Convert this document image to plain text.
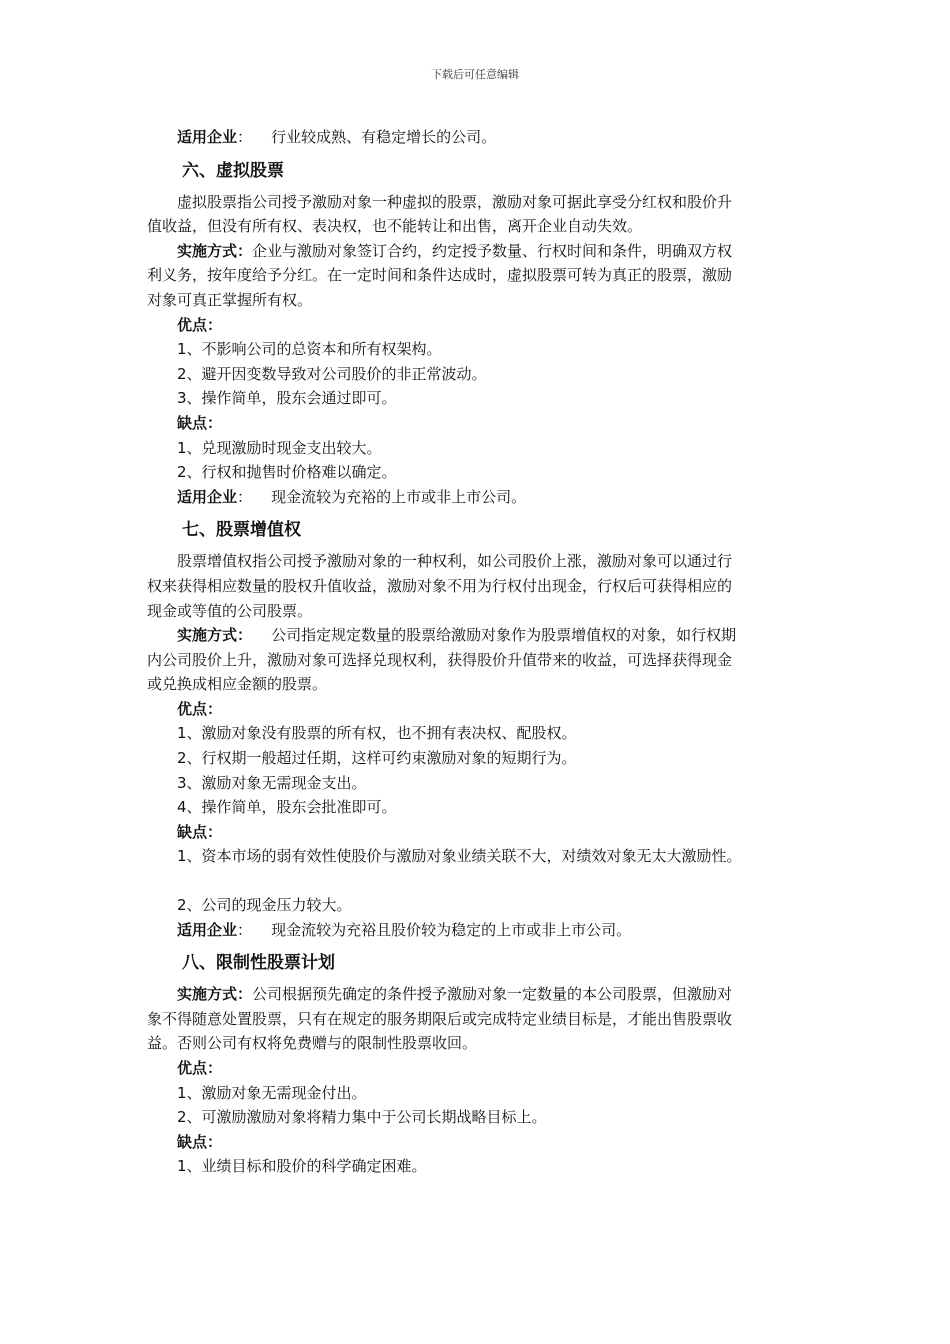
下载后可任意编辑

适用企业： 行业较成熟、有稳定增长的公司。

六、虚拟股票

虚拟股票指公司授予激励对象一种虚拟的股票，激励对象可据此享受分红权和股价升

值收益，但没有所有权、表决权，也不能转让和出售，离开企业自动失效。

实施方式：企业与激励对象签订合约，约定授予数量、行权时间和条件，明确双方权

利义务，按年度给予分红。在一定时间和条件达成时，虚拟股票可转为真正的股票，激励

对象可真正掌握所有权。

优点：

1、不影响公司的总资本和所有权架构。

2、避开因变数导致对公司股价的非正常波动。

3、操作简单，股东会通过即可。

缺点：

1、兑现激励时现金支出较大。

2、行权和抛售时价格难以确定。

适用企业： 现金流较为充裕的上市或非上市公司。

七、股票增值权

股票增值权指公司授予激励对象的一种权利，如公司股价上涨，激励对象可以通过行

权来获得相应数量的股权升值收益，激励对象不用为行权付出现金，行权后可获得相应的

现金或等值的公司股票。

实施方式： 公司指定规定数量的股票给激励对象作为股票增值权的对象，如行权期

内公司股价上升，激励对象可选择兑现权利，获得股价升值带来的收益，可选择获得现金

或兑换成相应金额的股票。

优点：

1、激励对象没有股票的所有权，也不拥有表决权、配股权。

2、行权期一般超过任期，这样可约束激励对象的短期行为。

3、激励对象无需现金支出。

4、操作简单，股东会批准即可。

缺点：

1、资本市场的弱有效性使股价与激励对象业绩关联不大，对绩效对象无太大激励性。

2、公司的现金压力较大。

适用企业： 现金流较为充裕且股价较为稳定的上市或非上市公司。

八、限制性股票计划

实施方式：公司根据预先确定的条件授予激励对象一定数量的本公司股票，但激励对

象不得随意处置股票，只有在规定的服务期限后或完成特定业绩目标是，才能出售股票收

益。否则公司有权将免费赠与的限制性股票收回。

优点：

1、激励对象无需现金付出。

2、可激励激励对象将精力集中于公司长期战略目标上。

缺点：

1、业绩目标和股价的科学确定困难。
